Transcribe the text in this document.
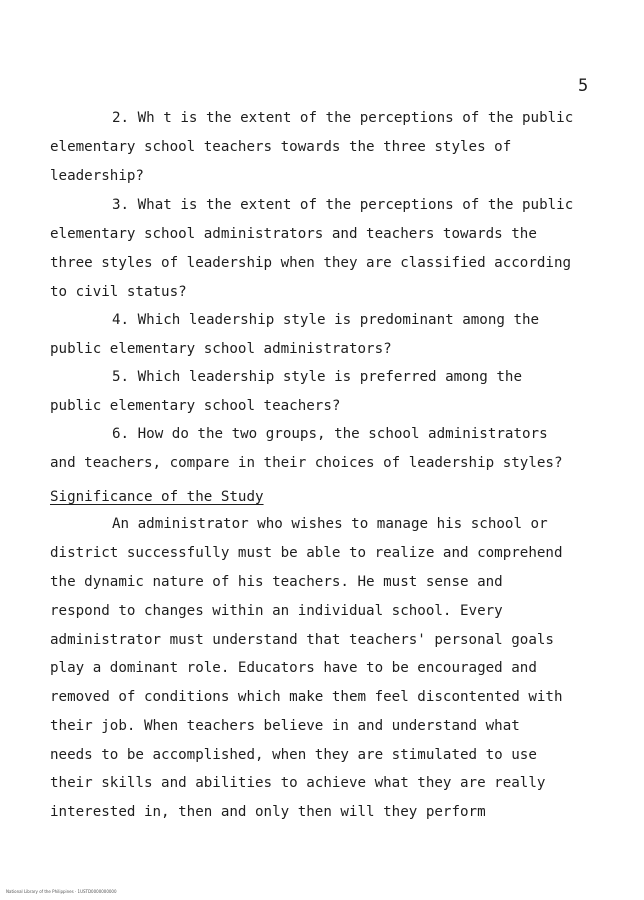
5
2. Wh t is the extent of the perceptions of the public
elementary school teachers towards the three styles of
leadership?
3. What is the extent of the perceptions of the public
elementary school administrators and teachers towards the
three styles of leadership when they are classified according
to civil status?
4. Which leadership style is predominant among the
public elementary school administrators?
5. Which leadership style is preferred among the
public elementary school teachers?
6. How do the two groups, the school administrators
and teachers, compare in their choices of leadership styles?
Significance of the Study
An administrator who wishes to manage his school or
district successfully must be able to realize and comprehend
the dynamic nature of his teachers. He must sense and
respond to changes within an individual school. Every
administrator must understand that teachers' personal goals
play a dominant role. Educators have to be encouraged and
removed of conditions which make them feel discontented with
their job. When teachers believe in and understand what
needs to be accomplished, when they are stimulated to use
their skills and abilities to achieve what they are really
interested in, then and only then will they perform
National Library of the Philippines · 1USTD0000000000
